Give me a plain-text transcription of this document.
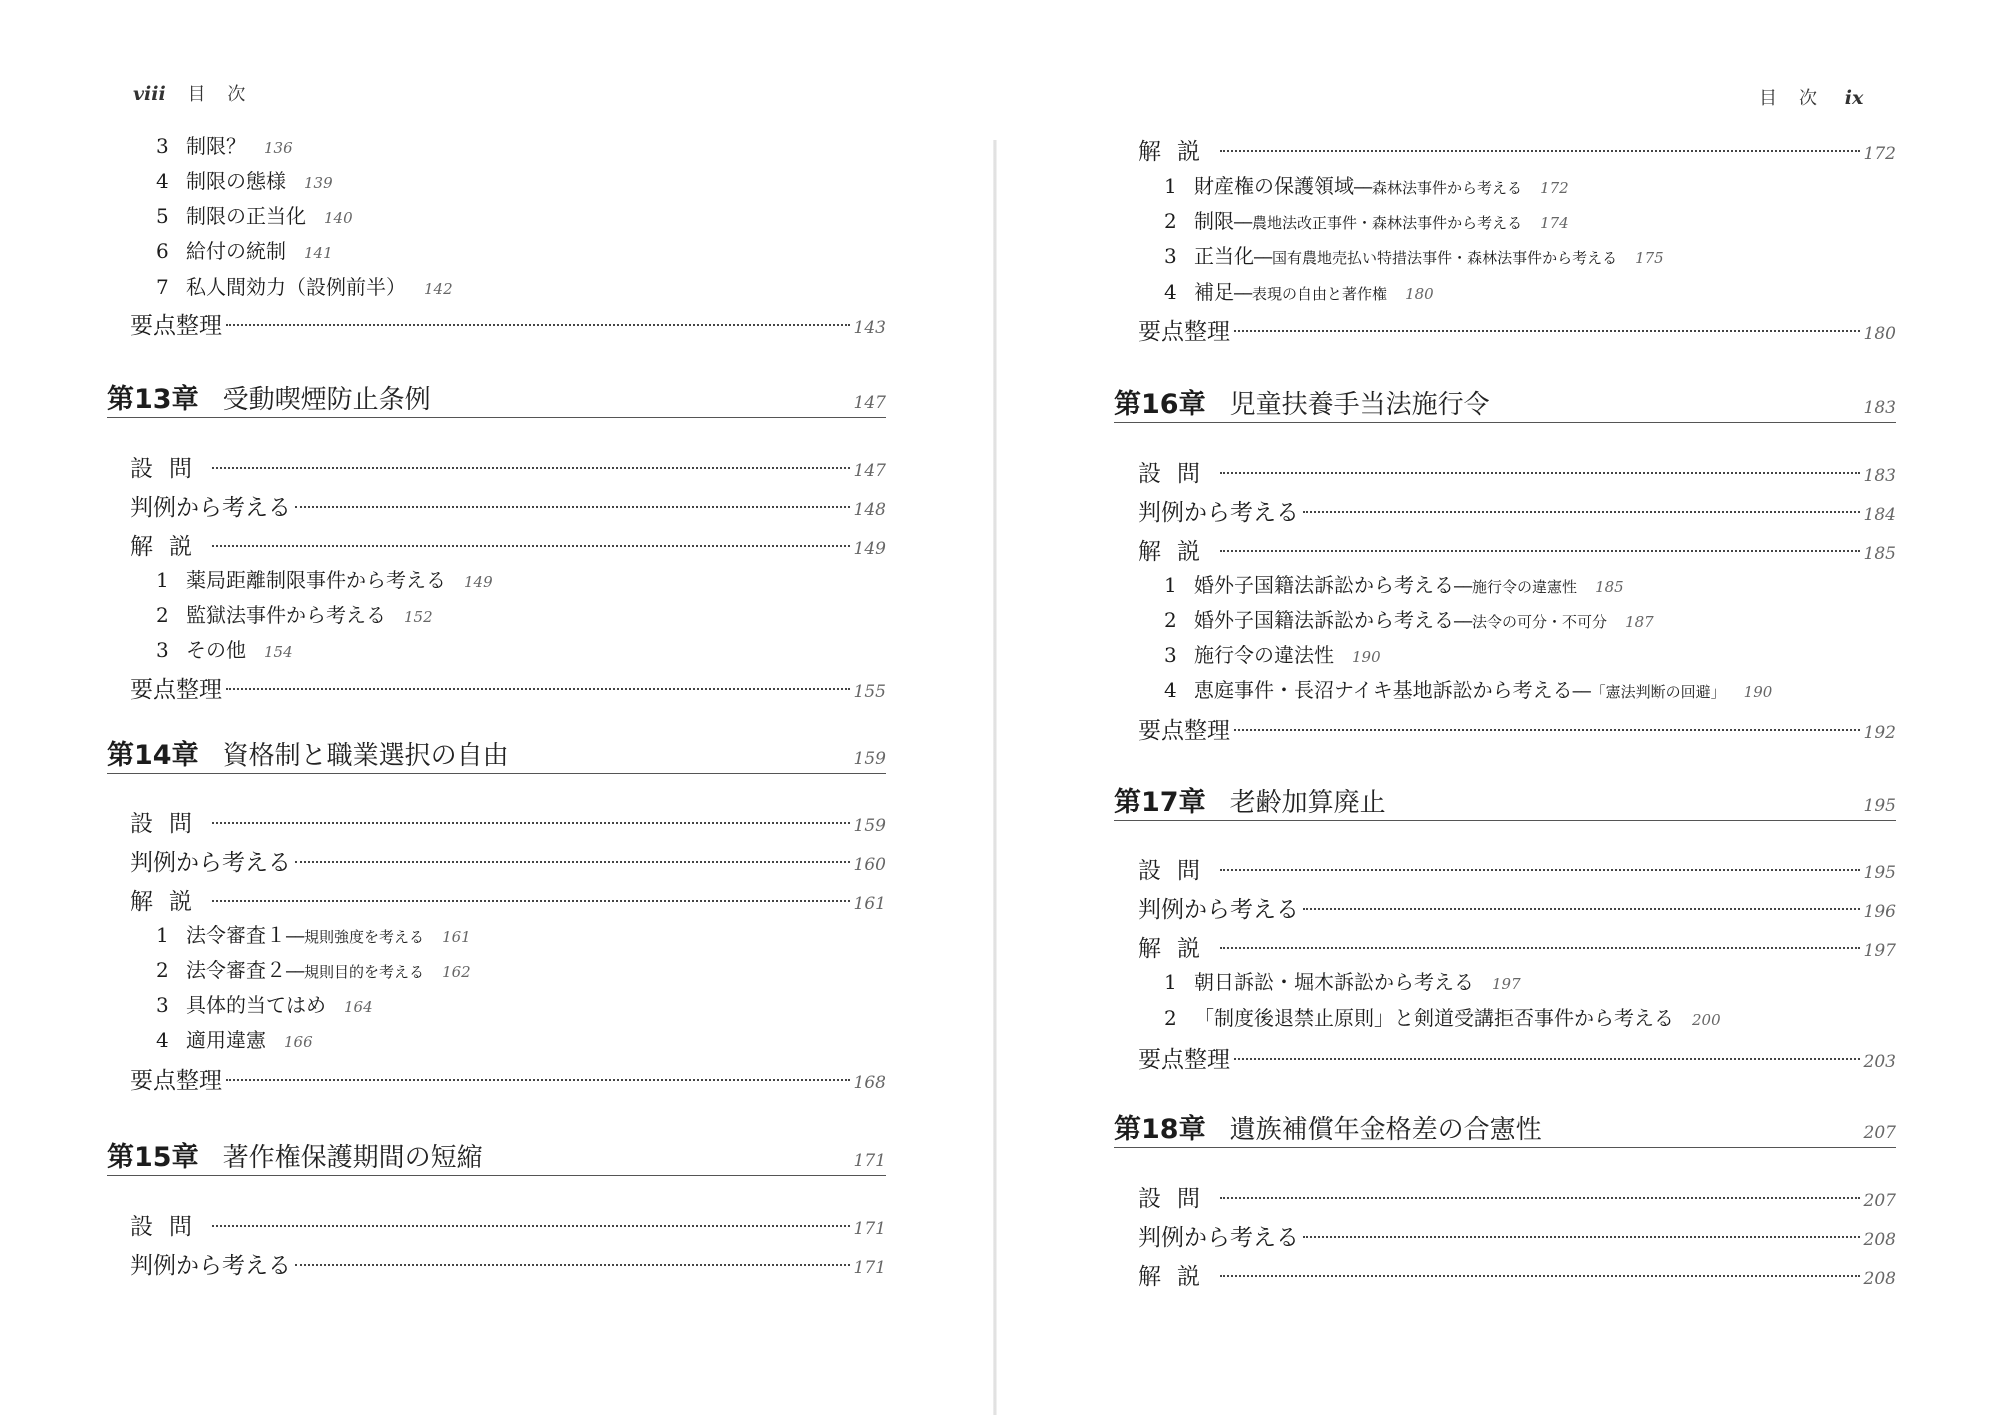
viii 目次
3 制限？ 136
4 制限の態様 139
5 制限の正当化 140
6 給付の統制 141
7 私人間効力（設例前半） 142
要点整理	143
第13章 受動喫煙防止条例	147
設問	147
判例から考える	148
解説	149
1 薬局距離制限事件から考える 149
2 監獄法事件から考える 152
3 その他 154
要点整理	155
第14章 資格制と職業選択の自由	159
設問	159
判例から考える	160
解説	161
1 法令審査１──規則強度を考える 161
2 法令審査２──規則目的を考える 162
3 具体的当てはめ 164
4 適用違憲 166
要点整理	168
第15章 著作権保護期間の短縮	171
設問	171
判例から考える	171
目次 ix
解説	172
1 財産権の保護領域──森林法事件から考える 172
2 制限──農地法改正事件・森林法事件から考える 174
3 正当化──国有農地売払い特措法事件・森林法事件から考える 175
4 補足──表現の自由と著作権 180
要点整理	180
第16章 児童扶養手当法施行令	183
設問	183
判例から考える	184
解説	185
1 婚外子国籍法訴訟から考える──施行令の違憲性 185
2 婚外子国籍法訴訟から考える──法令の可分・不可分 187
3 施行令の違法性 190
4 恵庭事件・長沼ナイキ基地訴訟から考える──「憲法判断の回避」 190
要点整理	192
第17章 老齢加算廃止	195
設問	195
判例から考える	196
解説	197
1 朝日訴訟・堀木訴訟から考える 197
2 「制度後退禁止原則」と剣道受講拒否事件から考える 200
要点整理	203
第18章 遺族補償年金格差の合憲性	207
設問	207
判例から考える	208
解説	208
